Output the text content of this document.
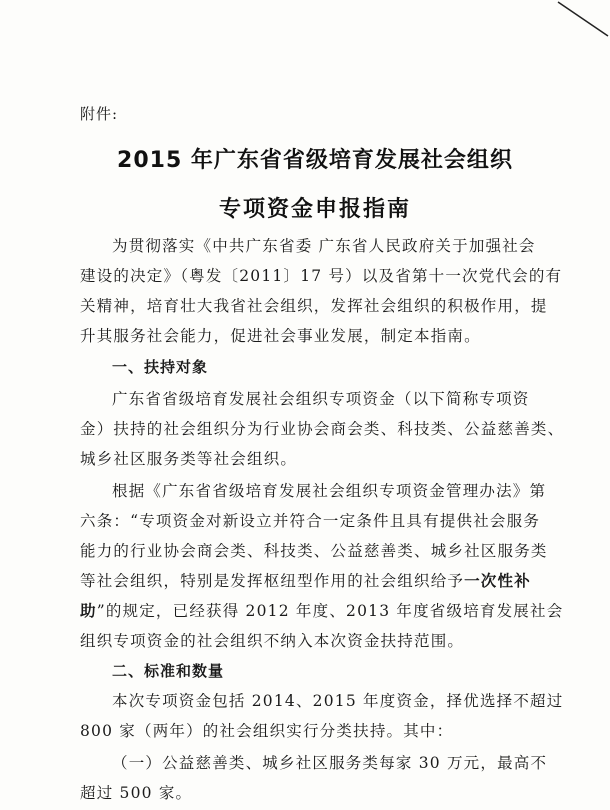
附件:
2015 年广东省省级培育发展社会组织
专项资金申报指南
为贯彻落实《中共广东省委 广东省人民政府关于加强社会
建设的决定》（粤发〔2011〕17 号）以及省第十一次党代会的有
关精神，培育壮大我省社会组织，发挥社会组织的积极作用，提
升其服务社会能力，促进社会事业发展，制定本指南。
一、扶持对象
广东省省级培育发展社会组织专项资金（以下简称专项资
金）扶持的社会组织分为行业协会商会类、科技类、公益慈善类、
城乡社区服务类等社会组织。
根据《广东省省级培育发展社会组织专项资金管理办法》第
六条：“专项资金对新设立并符合一定条件且具有提供社会服务
能力的行业协会商会类、科技类、公益慈善类、城乡社区服务类
等社会组织，特别是发挥枢纽型作用的社会组织给予一次性补
助”的规定，已经获得 2012 年度、2013 年度省级培育发展社会
组织专项资金的社会组织不纳入本次资金扶持范围。
二、标准和数量
本次专项资金包括 2014、2015 年度资金，择优选择不超过
800 家（两年）的社会组织实行分类扶持。其中：
（一）公益慈善类、城乡社区服务类每家 30 万元，最高不
超过 500 家。
